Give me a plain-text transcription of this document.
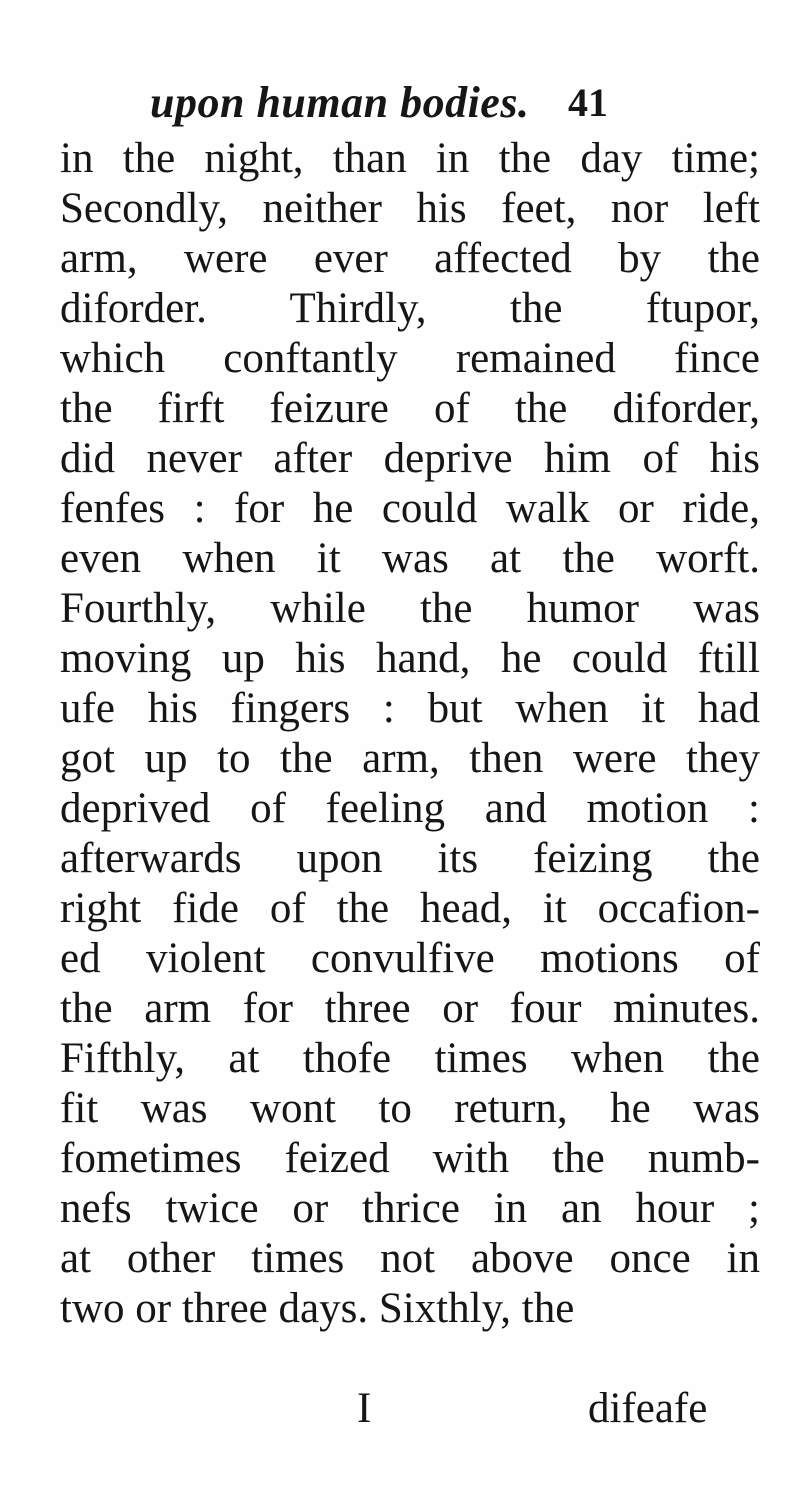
upon human bodies. 41
in the night, than in the day time;
Secondly, neither his feet, nor left
arm, were ever affected by the
diforder. Thirdly, the ftupor,
which conftantly remained fince
the firft feizure of the diforder,
did never after deprive him of his
fenfes : for he could walk or ride,
even when it was at the worft.
Fourthly, while the humor was
moving up his hand, he could ftill
ufe his fingers : but when it had
got up to the arm, then were they
deprived of feeling and motion :
afterwards upon its feizing the
right fide of the head, it occafion-
ed violent convulfive motions of
the arm for three or four minutes.
Fifthly, at thofe times when the
fit was wont to return, he was
fometimes feized with the numb-
nefs twice or thrice in an hour ;
at other times not above once in
two or three days. Sixthly, the
I	difeafe
